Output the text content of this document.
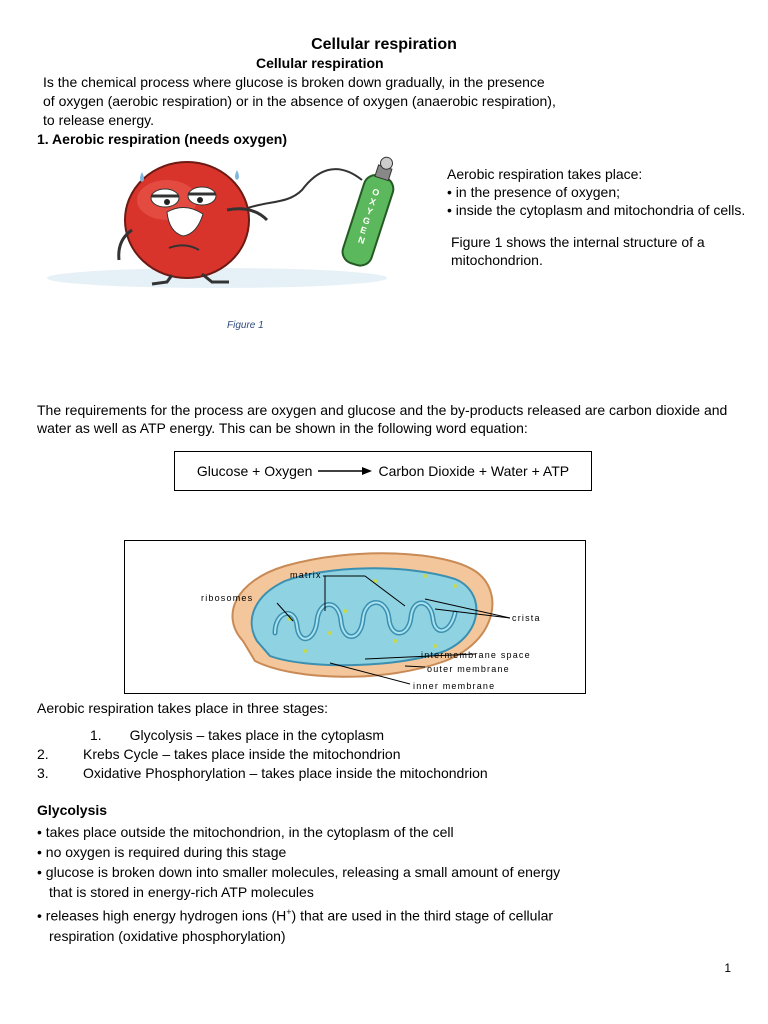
Cellular respiration
Cellular respiration
Is the chemical process where glucose is broken down gradually, in the presence
of oxygen (aerobic respiration) or in the absence of oxygen (anaerobic respiration),
to release energy.
1. Aerobic respiration (needs oxygen)
O X Y G E N

Aerobic respiration takes place:

• in the presence of oxygen;

• inside the cytoplasm and mitochondria of cells.

Figure 1 shows the internal structure of a mitochondrion.

Figure 1
The requirements for the process are oxygen and glucose and the by-products released are carbon dioxide and water as well as ATP energy. This can be shown in the following word equation:
Glucose + Oxygen	Carbon Dioxide + Water + ATP
matrix
ribosomes
crista
intermembrane space
outer membrane
inner membrane
Aerobic respiration takes place in three stages:
1. Glycolysis – takes place in the cytoplasm
2. Krebs Cycle – takes place inside the mitochondrion
3. Oxidative Phosphorylation – takes place inside the mitochondrion
Glycolysis
• takes place outside the mitochondrion, in the cytoplasm of the cell
• no oxygen is required during this stage
• glucose is broken down into smaller molecules, releasing a small amount of energy
that is stored in energy-rich ATP molecules
• releases high energy hydrogen ions (H+) that are used in the third stage of cellular
respiration (oxidative phosphorylation)
1
